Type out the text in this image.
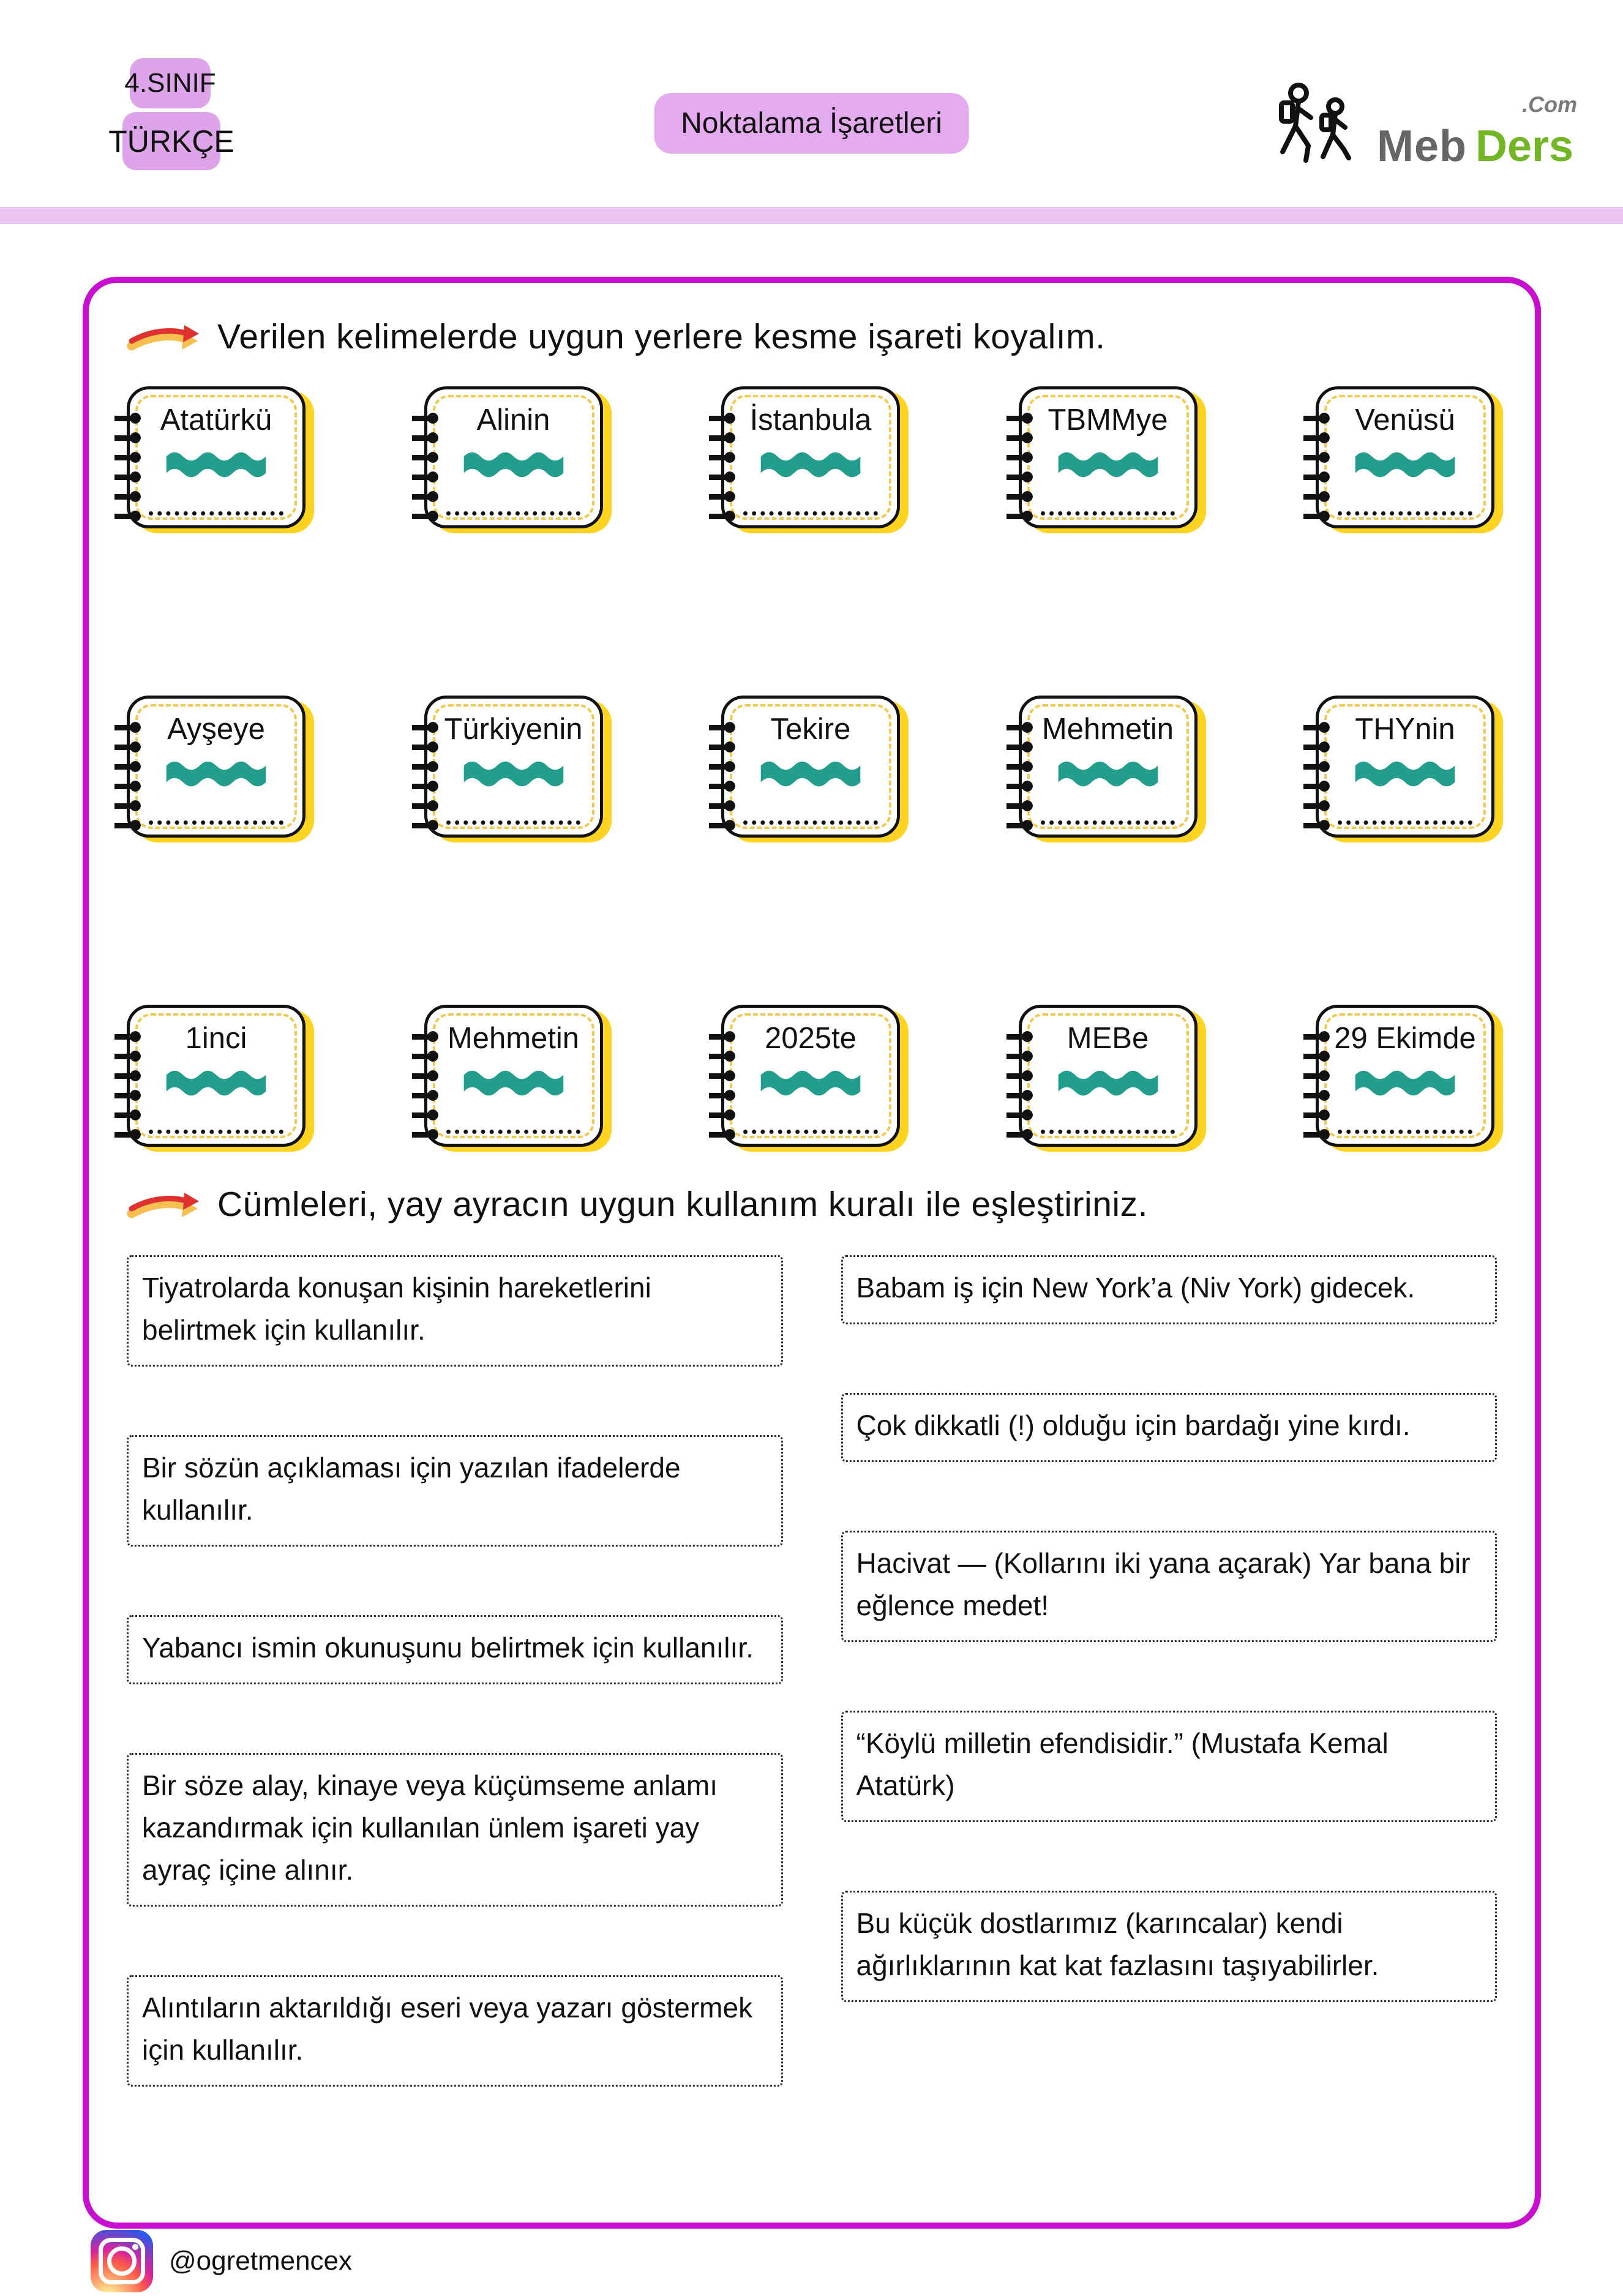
4.SINIF
TÜRKÇE
Noktalama İşaretleri
.Com
Meb Ders
Verilen kelimelerde uygun yerlere kesme işareti koyalım.
Atatürkü	Alinin	İstanbula	TBMMye	Venüsü
Ayşeye	Türkiyenin	Tekire	Mehmetin	THYnin
1inci	Mehmetin	2025te	MEBe	29 Ekimde
Cümleleri, yay ayracın uygun kullanım kuralı ile eşleştiriniz.
Tiyatrolarda konuşan kişinin hareketlerini belirtmek için kullanılır.
Bir sözün açıklaması için yazılan ifadelerde kullanılır.
Yabancı ismin okunuşunu belirtmek için kullanılır.
Bir söze alay, kinaye veya küçümseme anlamı kazandırmak için kullanılan ünlem işareti yay ayraç içine alınır.
Alıntıların aktarıldığı eseri veya yazarı göstermek için kullanılır.
Babam iş için New York’a (Niv York) gidecek.
Çok dikkatli (!) olduğu için bardağı yine kırdı.
Hacivat — (Kollarını iki yana açarak) Yar bana bir eğlence medet!
“Köylü milletin efendisidir.” (Mustafa Kemal Atatürk)
Bu küçük dostlarımız (karıncalar) kendi ağırlıklarının kat kat fazlasını taşıyabilirler.
@ogretmencex
